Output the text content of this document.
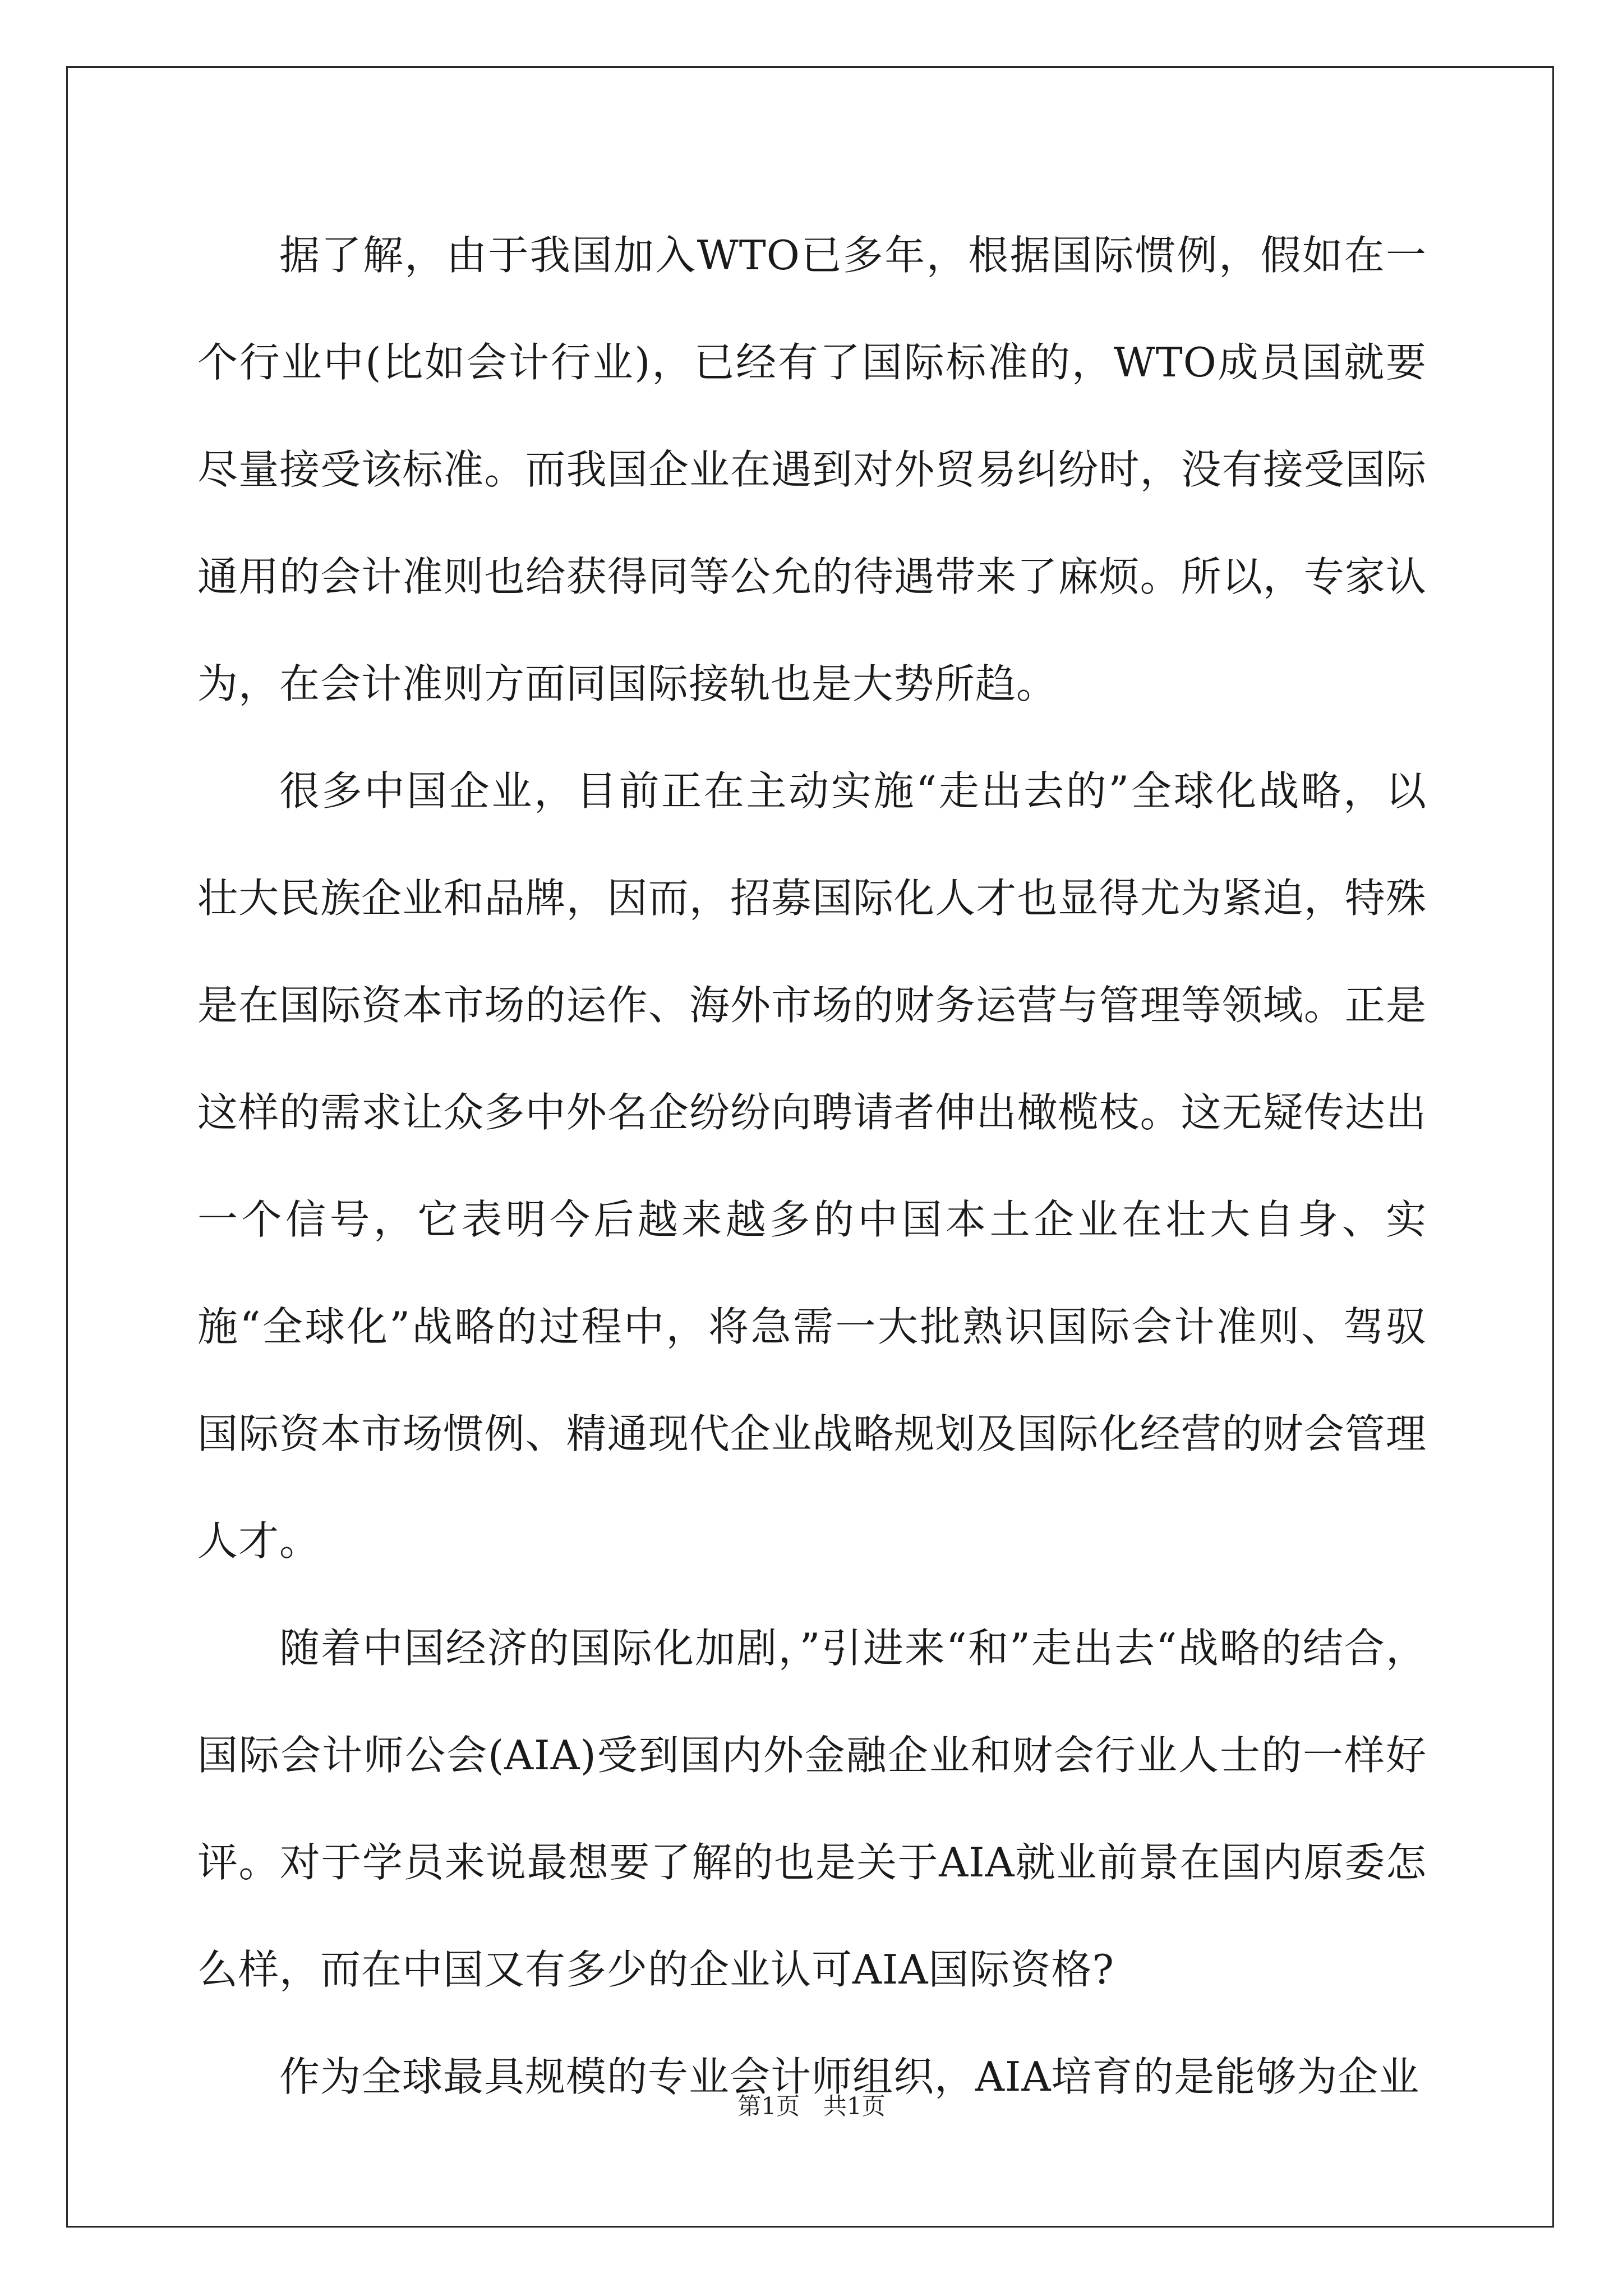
据了解，由于我国加入WTO已多年，根据国际惯例，假如在一个行业中(比如会计行业)，已经有了国际标准的，WTO成员国就要尽量接受该标准。而我国企业在遇到对外贸易纠纷时，没有接受国际通用的会计准则也给获得同等公允的待遇带来了麻烦。所以，专家认为，在会计准则方面同国际接轨也是大势所趋。

很多中国企业，目前正在主动实施“走出去的”全球化战略，以壮大民族企业和品牌，因而，招募国际化人才也显得尤为紧迫，特殊是在国际资本市场的运作、海外市场的财务运营与管理等领域。正是这样的需求让众多中外名企纷纷向聘请者伸出橄榄枝。这无疑传达出一个信号，它表明今后越来越多的中国本土企业在壮大自身、实施“全球化”战略的过程中，将急需一大批熟识国际会计准则、驾驭国际资本市场惯例、精通现代企业战略规划及国际化经营的财会管理人才。

随着中国经济的国际化加剧，”引进来“和”走出去“战略的结合，国际会计师公会(AIA)受到国内外金融企业和财会行业人士的一样好评。对于学员来说最想要了解的也是关于AIA就业前景在国内原委怎么样，而在中国又有多少的企业认可AIA国际资格?

作为全球最具规模的专业会计师组织，AIA培育的是能够为企业

第1页　共1页
